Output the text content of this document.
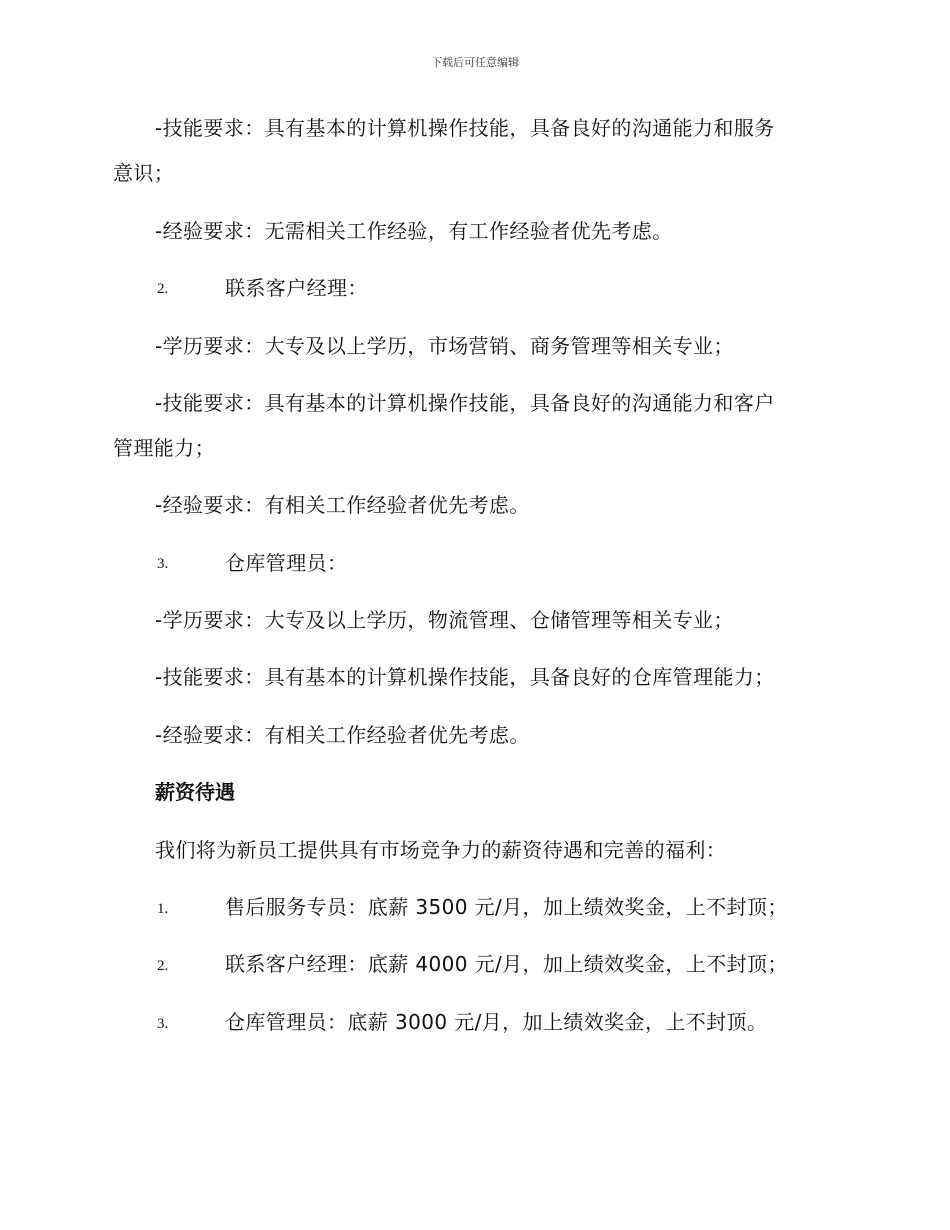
下载后可任意编辑
-技能要求：具有基本的计算机操作技能，具备良好的沟通能力和服务
意识；
-经验要求：无需相关工作经验，有工作经验者优先考虑。
2.	联系客户经理：
-学历要求：大专及以上学历，市场营销、商务管理等相关专业；
-技能要求：具有基本的计算机操作技能，具备良好的沟通能力和客户
管理能力；
-经验要求：有相关工作经验者优先考虑。
3.	仓库管理员：
-学历要求：大专及以上学历，物流管理、仓储管理等相关专业；
-技能要求：具有基本的计算机操作技能，具备良好的仓库管理能力；
-经验要求：有相关工作经验者优先考虑。
薪资待遇
我们将为新员工提供具有市场竞争力的薪资待遇和完善的福利：
1.	售后服务专员：底薪 3500 元/月，加上绩效奖金，上不封顶；
2.	联系客户经理：底薪 4000 元/月，加上绩效奖金，上不封顶；
3.	仓库管理员：底薪 3000 元/月，加上绩效奖金，上不封顶。
